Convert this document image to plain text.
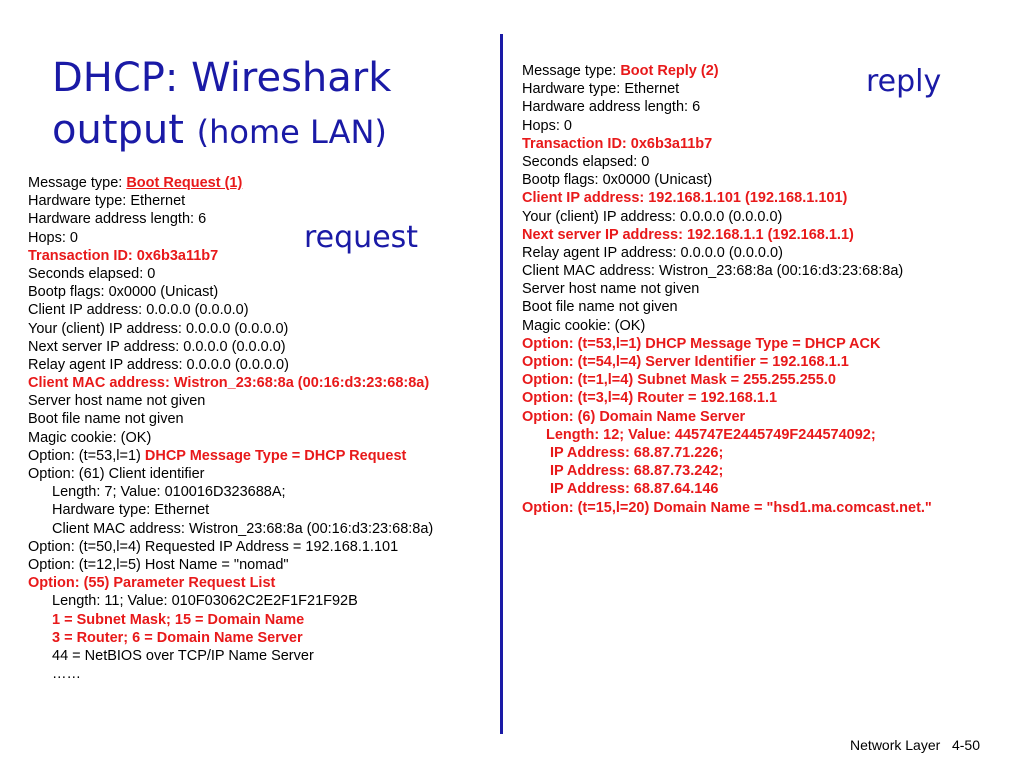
DHCP: Wireshark
output (home LAN)
request
reply
Message type: Boot Request (1)
Hardware type: Ethernet
Hardware address length: 6
Hops: 0
Transaction ID: 0x6b3a11b7
Seconds elapsed: 0
Bootp flags: 0x0000 (Unicast)
Client IP address: 0.0.0.0 (0.0.0.0)
Your (client) IP address: 0.0.0.0 (0.0.0.0)
Next server IP address: 0.0.0.0 (0.0.0.0)
Relay agent IP address: 0.0.0.0 (0.0.0.0)
Client MAC address: Wistron_23:68:8a (00:16:d3:23:68:8a)
Server host name not given
Boot file name not given
Magic cookie: (OK)
Option: (t=53,l=1) DHCP Message Type = DHCP Request
Option: (61) Client identifier
Length: 7; Value: 010016D323688A;
Hardware type: Ethernet
Client MAC address: Wistron_23:68:8a (00:16:d3:23:68:8a)
Option: (t=50,l=4) Requested IP Address = 192.168.1.101
Option: (t=12,l=5) Host Name = "nomad"
Option: (55) Parameter Request List
Length: 11; Value: 010F03062C2E2F1F21F92B
1 = Subnet Mask; 15 = Domain Name
3 = Router; 6 = Domain Name Server
44 = NetBIOS over TCP/IP Name Server
……
Message type: Boot Reply (2)
Hardware type: Ethernet
Hardware address length: 6
Hops: 0
Transaction ID: 0x6b3a11b7
Seconds elapsed: 0
Bootp flags: 0x0000 (Unicast)
Client IP address: 192.168.1.101 (192.168.1.101)
Your (client) IP address: 0.0.0.0 (0.0.0.0)
Next server IP address: 192.168.1.1 (192.168.1.1)
Relay agent IP address: 0.0.0.0 (0.0.0.0)
Client MAC address: Wistron_23:68:8a (00:16:d3:23:68:8a)
Server host name not given
Boot file name not given
Magic cookie: (OK)
Option: (t=53,l=1) DHCP Message Type = DHCP ACK
Option: (t=54,l=4) Server Identifier = 192.168.1.1
Option: (t=1,l=4) Subnet Mask = 255.255.255.0
Option: (t=3,l=4) Router = 192.168.1.1
Option: (6) Domain Name Server
Length: 12; Value: 445747E2445749F244574092;
IP Address: 68.87.71.226;
IP Address: 68.87.73.242;
IP Address: 68.87.64.146
Option: (t=15,l=20) Domain Name = "hsd1.ma.comcast.net."
Network Layer 4-50
